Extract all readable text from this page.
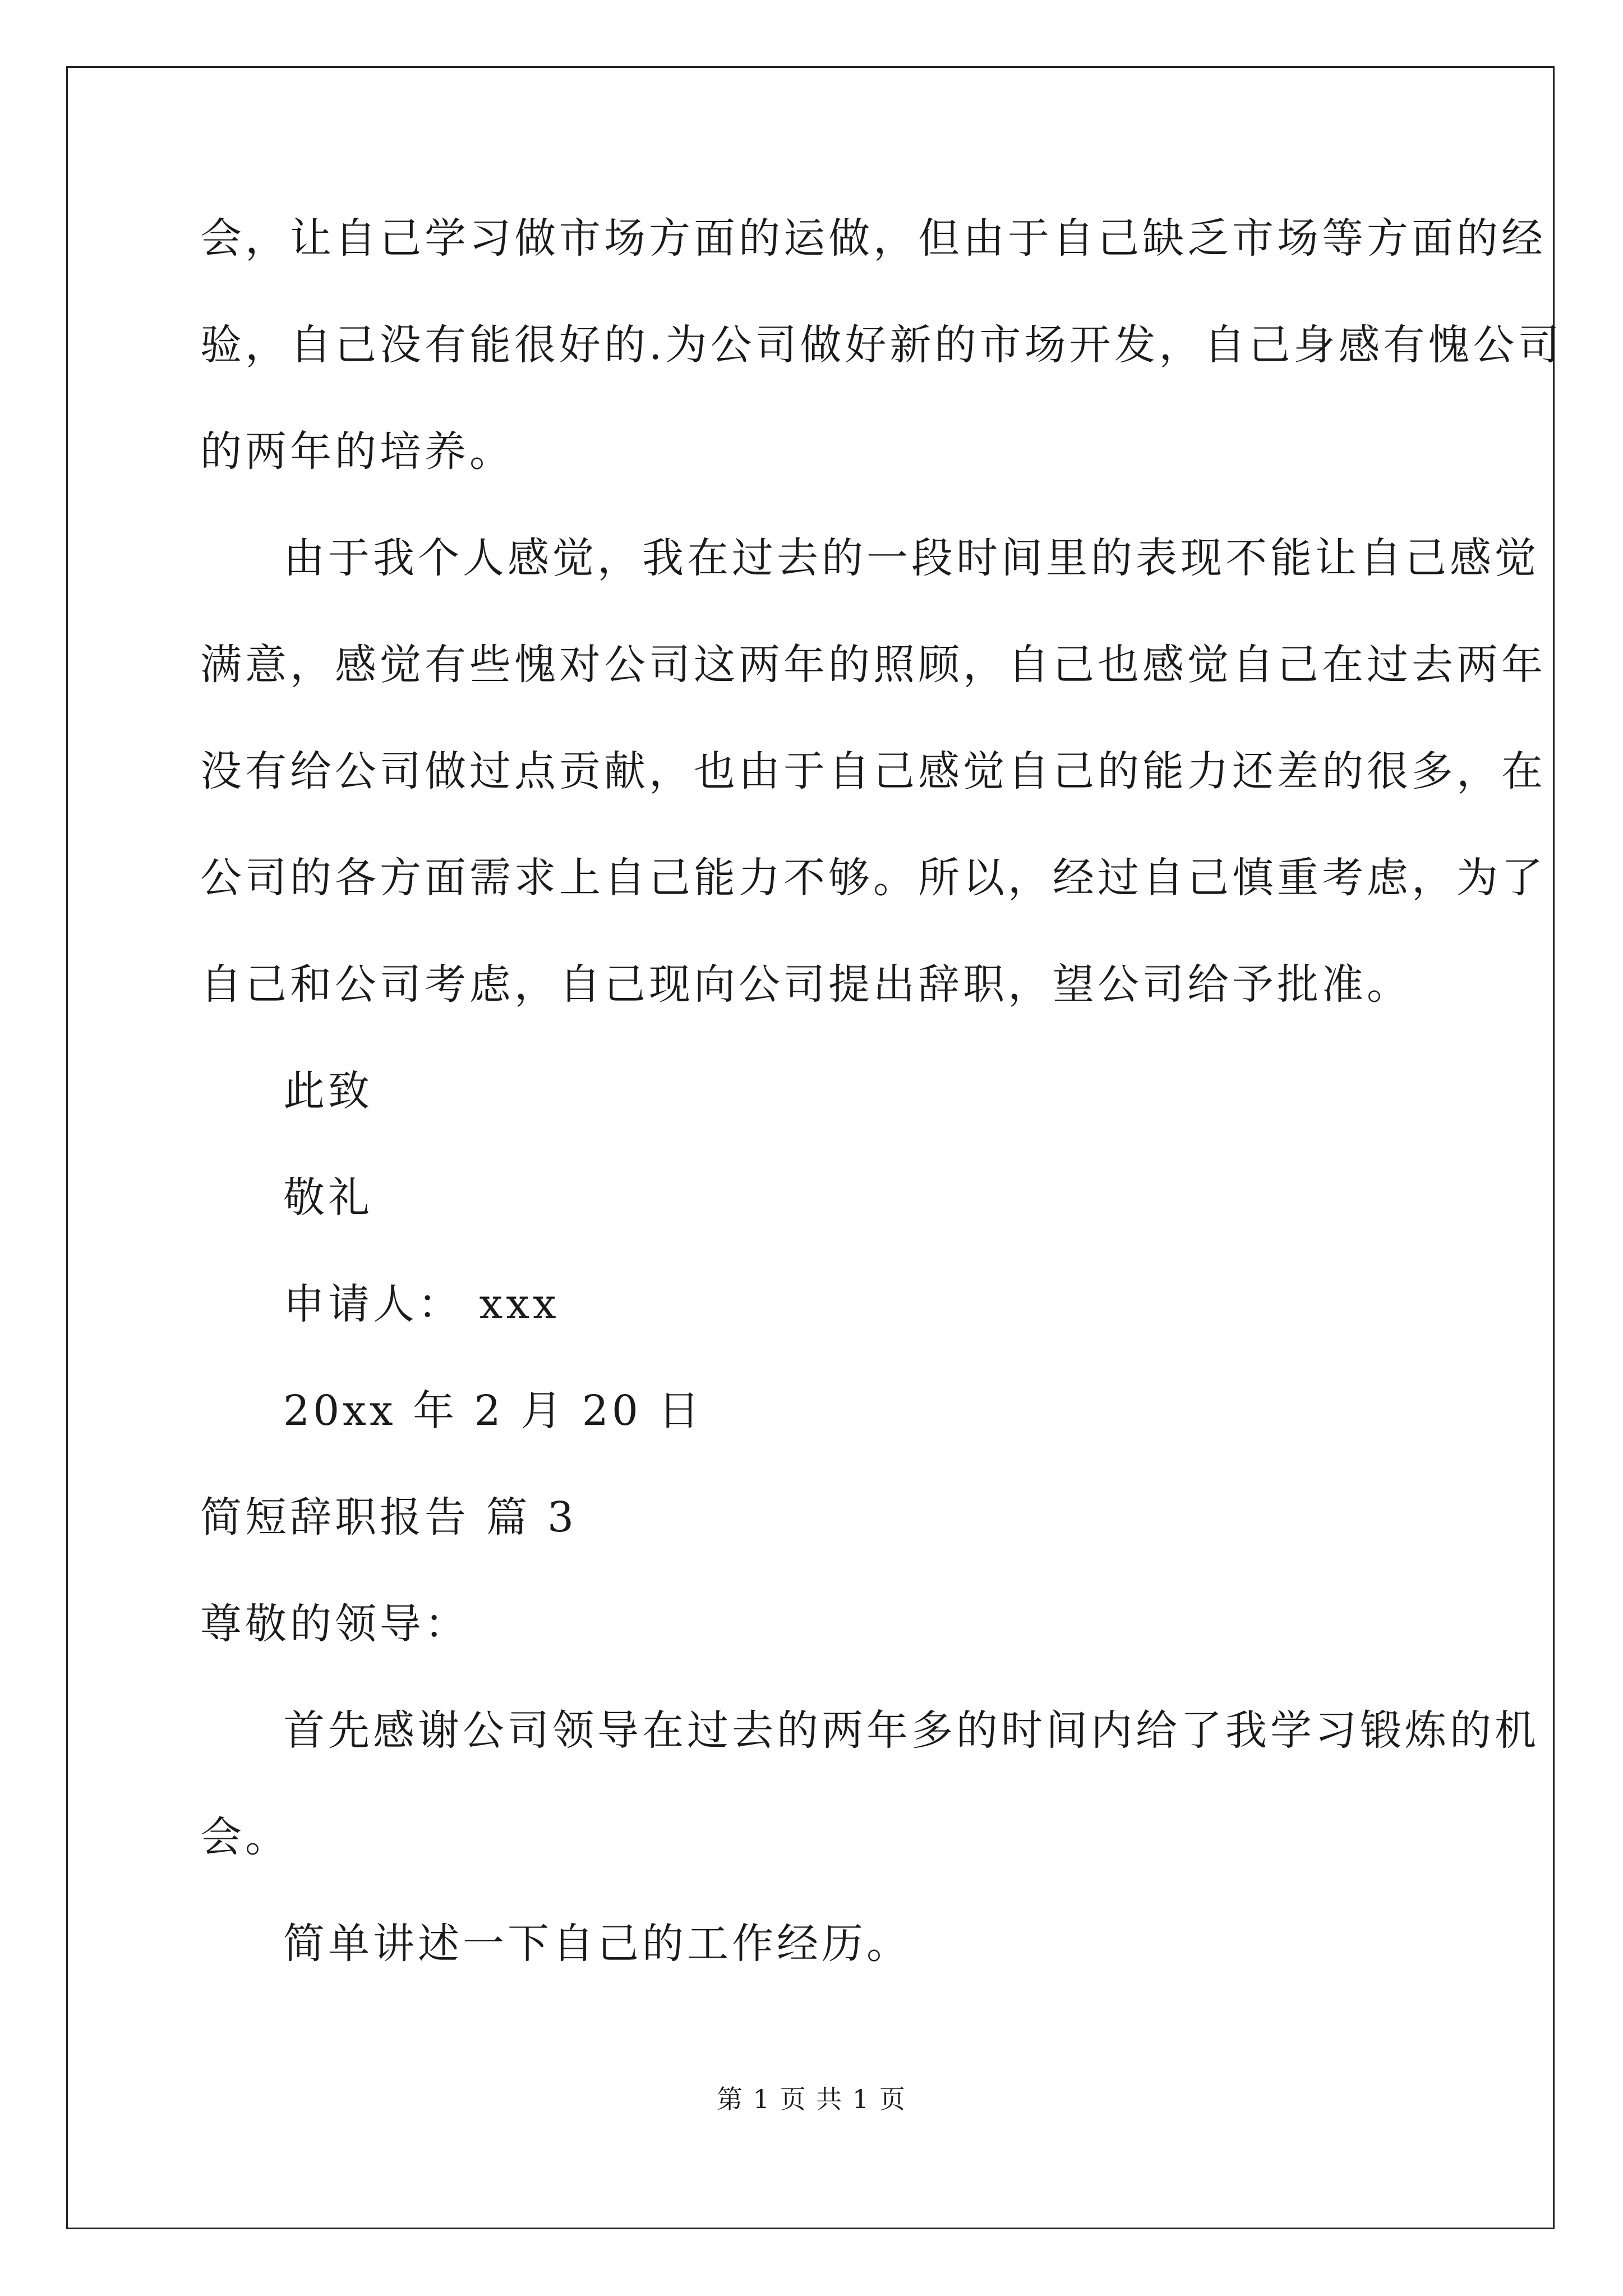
会，让自己学习做市场方面的运做，但由于自己缺乏市场等方面的经
验，自己没有能很好的.为公司做好新的市场开发，自己身感有愧公司
的两年的培养。
由于我个人感觉，我在过去的一段时间里的表现不能让自己感觉
满意，感觉有些愧对公司这两年的照顾，自己也感觉自己在过去两年
没有给公司做过点贡献，也由于自己感觉自己的能力还差的很多，在
公司的各方面需求上自己能力不够。所以，经过自己慎重考虑，为了
自己和公司考虑，自己现向公司提出辞职，望公司给予批准。
此致
敬礼
申请人： xxx
20xx 年 2 月 20 日
简短辞职报告 篇 3
尊敬的领导：
首先感谢公司领导在过去的两年多的时间内给了我学习锻炼的机
会。
简单讲述一下自己的工作经历。
第 1 页 共 1 页
